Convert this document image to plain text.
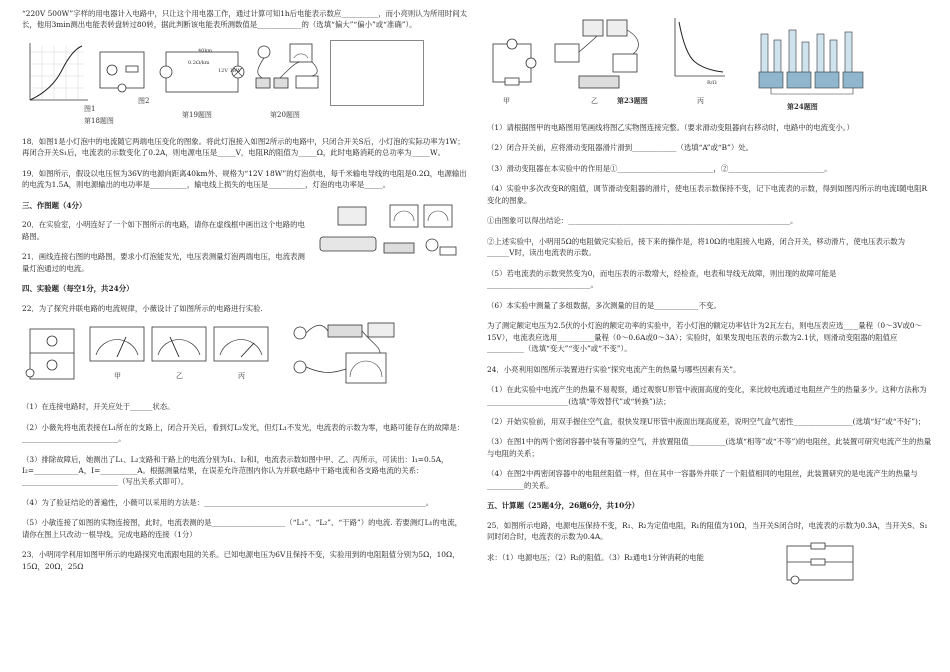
“220V 500W”字样的用电器计入电路中，只让这个用电器工作，通过计算可知1h后电能表示数应__________，而小亮则认为所用时间太长，他用3min测出电能表转盘转过80转，据此判断该电能表所测数值是____________的（选填“偏大”“偏小”或“准确”）。

图1
图2
第18题图
40km
0.2Ω/km
12V 18W
第19题图	第20题图

18．如图1是小灯泡中的电流随它两端电压变化的图象。将此灯泡接入如图2所示的电路中，只闭合开关S后，小灯泡的实际功率为1W；再闭合开关S₁后，电流表的示数变化了0.2A，则电源电压是_____V，电阻R的阻值为_____Ω，此时电路消耗的总功率为_____W。

19．如图所示，假设以电压恒为36V的电源向距离40km外、规格为“12V 18W”的灯泡供电，每千米输电导线的电阻是0.2Ω，电源输出的电流为1.5A，则电源输出的电功率是__________，输电线上损失的电压是__________，灯泡的电功率是_____。

三、作图题（4分）

20．在实验室，小明连好了一个如下图所示的电路，请你在虚线框中画出这个电路的电路图。

21．画线连接右图的电路图，要求小灯泡能发光，电压表测量灯泡两端电压，电流表测量灯泡通过的电流。

四、实验题（每空1分，共24分）

22．为了探究并联电路的电流规律，小薇设计了如图所示的电路进行实验.

甲	乙	丙

（1）在连接电路时，开关应处于______状态。

（2）小薇先将电流表接在L₁所在的支路上，闭合开关后，看到灯L₂发光，但灯L₁不发光，电流表的示数为零，电路可能存在的故障是：__________________________。

（3）排除故障后，她测出了L₁、L₂支路和干路上的电流分别为I₁、I₂和I，电流表示数如图中甲、乙、丙所示，可读出：I₁=0.5A，I₂=____________A，I=__________A。根据测量结果，在误差允许范围内你认为并联电路中干路电流和各支路电流的关系：__________________________（写出关系式即可）。

（4）为了验证结论的普遍性，小薇可以采用的方法是：____________________________________________________________。

（5）小敏连接了如图的实物连接图，此时，电流表测的是____________________（“L₁”、“L₂”、“干路”）的电流. 若要测灯L₁的电流，请你在图上只改动一根导线，完成电路的连接（1分）

23．小明同学利用如图甲所示的电路探究电流跟电阻的关系。已知电源电压为6V且保持不变，实验用到的电阻阻值分别为5Ω，10Ω，15Ω，20Ω，25Ω

R/Ω
甲	乙	丙
第23题图
第24题图

（1）请根据图甲的电路图用笔画线将图乙实物图连接完整。（要求滑动变阻器向右移动时，电路中的电流变小。）

（2）闭合开关前，应将滑动变阻器滑片滑到____________（选填“A”或“B”）处。

（3）滑动变阻器在本实验中的作用是①__________________________，②__________________________。

（4）实验中多次改变R的阻值，调节滑动变阻器的滑片，使电压表示数保持不变，记下电流表的示数，得到如图丙所示的电流I随电阻R变化的图象。

①由图象可以得出结论：____________________________________________________________。

②上述实验中，小明用5Ω的电阻做完实验后，接下来的操作是，将10Ω的电阻接入电路，闭合开关，移动滑片，使电压表示数为______V时，读出电流表的示数。

（5）若电流表的示数突然变为0，而电压表的示数增大，经检查，电表和导线无故障，则出现的故障可能是____________________________。

（6）本实验中测量了多组数据，多次测量的目的是____________不变。

为了测定额定电压为2.5伏的小灯泡的额定功率的实验中，若小灯泡的额定功率估计为2瓦左右，则电压表应选____量程（0～3V或0～15V），电流表应选用__________量程（0～0.6A或0～3A）；实验时，如果发现电压表的示数为2.1伏，则滑动变阻器的阻值应__________（选填“变大”“变小”或“不变”）。

24．小亮利用如图所示装置进行实验“探究电流产生的热量与哪些因素有关”。

（1）在此实验中电流产生的热量不易观察，通过观察U形管中液面高度的变化，来比较电流通过电阻丝产生的热量多少。这种方法称为______________________(选填“等效替代”或“转换”)法；

（2）开始实验前，用双手握住空气盒，很快发现U形管中液面出现高度差，说明空气盒气密性________________(选填“好”或“不好”)；

（3）在图1中的两个密闭容器中装有等量的空气，并放置阻值__________(选填“相等”或“不等”)的电阻丝，此装置可研究电流产生的热量与电阻的关系；

（4）在图2中两密闭容器中的电阻丝阻值一样，但在其中一容器外并联了一个阻值相同的电阻丝，此装置研究的是电流产生的热量与__________的关系。

五、计算题（25题4分，26题6分，共10分）

25．如图所示电路，电源电压保持不变，R₁、R₂为定值电阻，R₁的阻值为10Ω，当开关S闭合时，电流表的示数为0.3A，当开关S、S₁同时闭合时，电流表的示数为0.4A。

求：（1）电源电压；（2）R₂的阻值。（3）R₂通电1分钟消耗的电能
